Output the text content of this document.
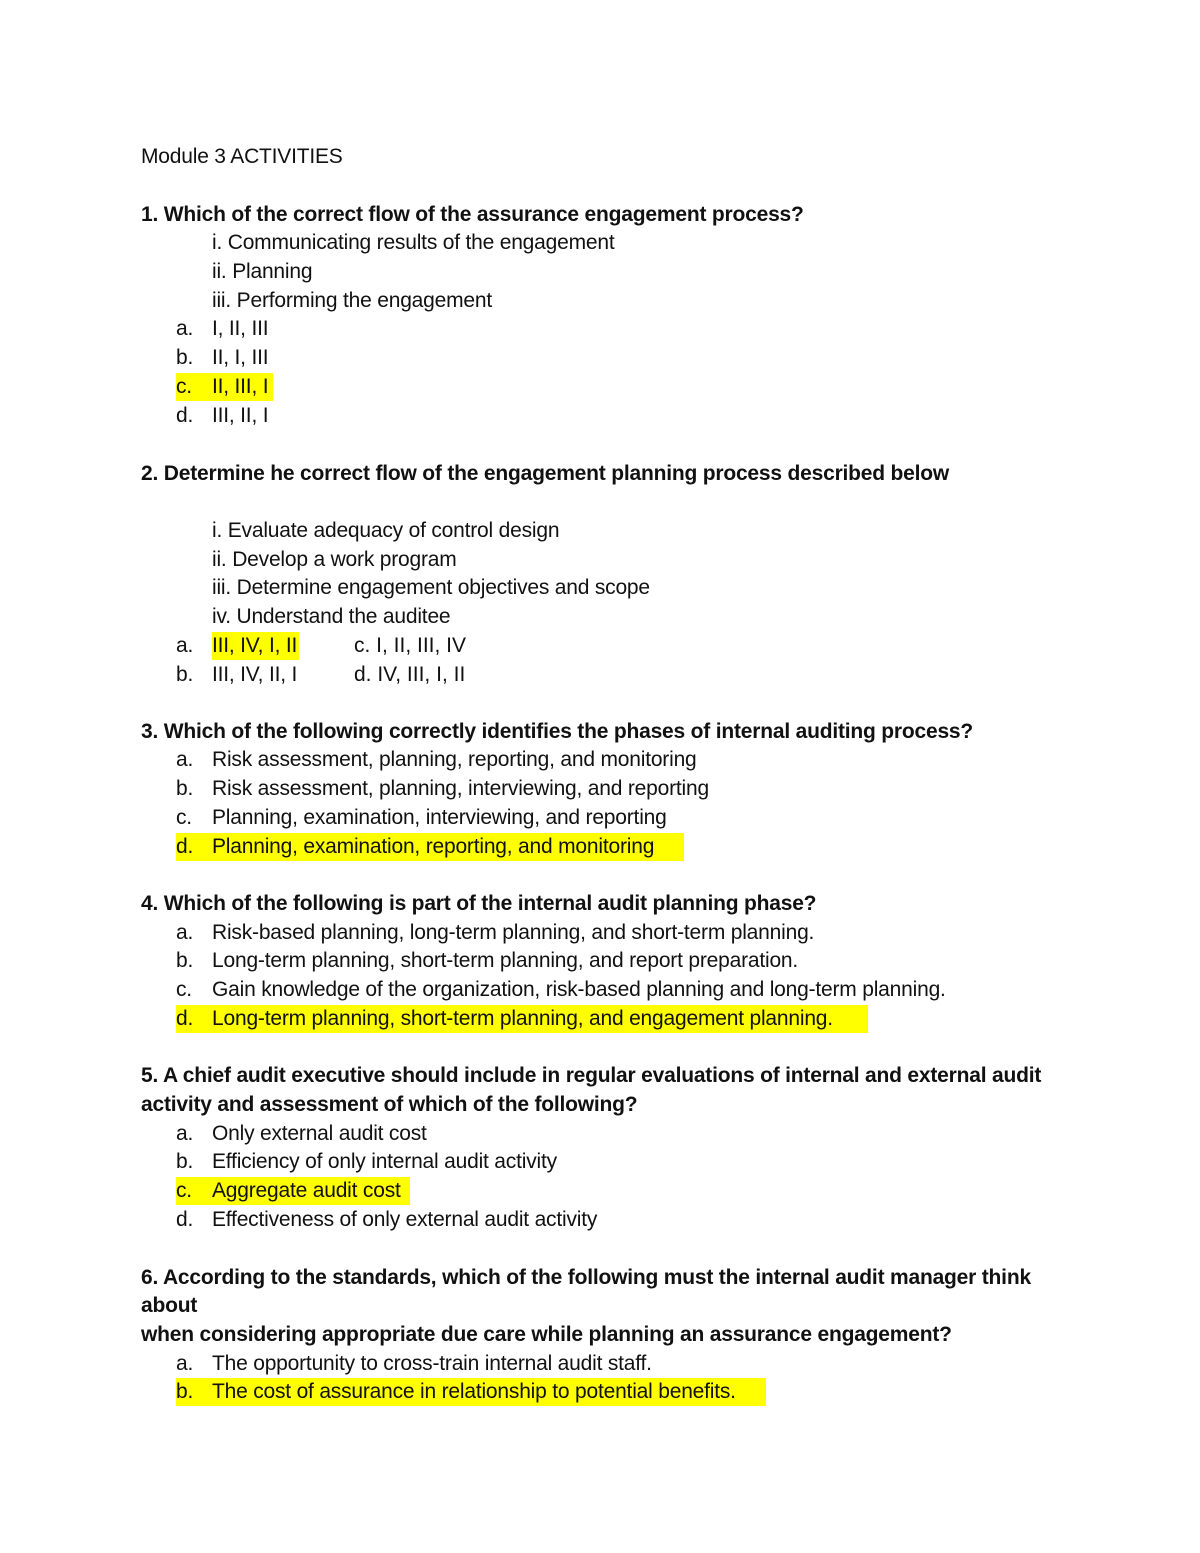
Module 3 ACTIVITIES
1. Which of the correct flow of the assurance engagement process?
i. Communicating results of the engagement
ii. Planning
iii. Performing the engagement
a. I, II, III
b. II, I, III
c. II, III, I
d. III, II, I
2. Determine he correct flow of the engagement planning process described below
i. Evaluate adequacy of control design
ii. Develop a work program
iii. Determine engagement objectives and scope
iv. Understand the auditee
a. III, IV, I, II	c. I, II, III, IV
b. III, IV, II, I	d. IV, III, I, II
3. Which of the following correctly identifies the phases of internal auditing process?
a. Risk assessment, planning, reporting, and monitoring
b. Risk assessment, planning, interviewing, and reporting
c. Planning, examination, interviewing, and reporting
d. Planning, examination, reporting, and monitoring
4. Which of the following is part of the internal audit planning phase?
a. Risk-based planning, long-term planning, and short-term planning.
b. Long-term planning, short-term planning, and report preparation.
c. Gain knowledge of the organization, risk-based planning and long-term planning.
d. Long-term planning, short-term planning, and engagement planning.
5. A chief audit executive should include in regular evaluations of internal and external audit
activity and assessment of which of the following?
a. Only external audit cost
b. Efficiency of only internal audit activity
c. Aggregate audit cost
d. Effectiveness of only external audit activity
6. According to the standards, which of the following must the internal audit manager think
about
when considering appropriate due care while planning an assurance engagement?
a. The opportunity to cross-train internal audit staff.
b. The cost of assurance in relationship to potential benefits.
